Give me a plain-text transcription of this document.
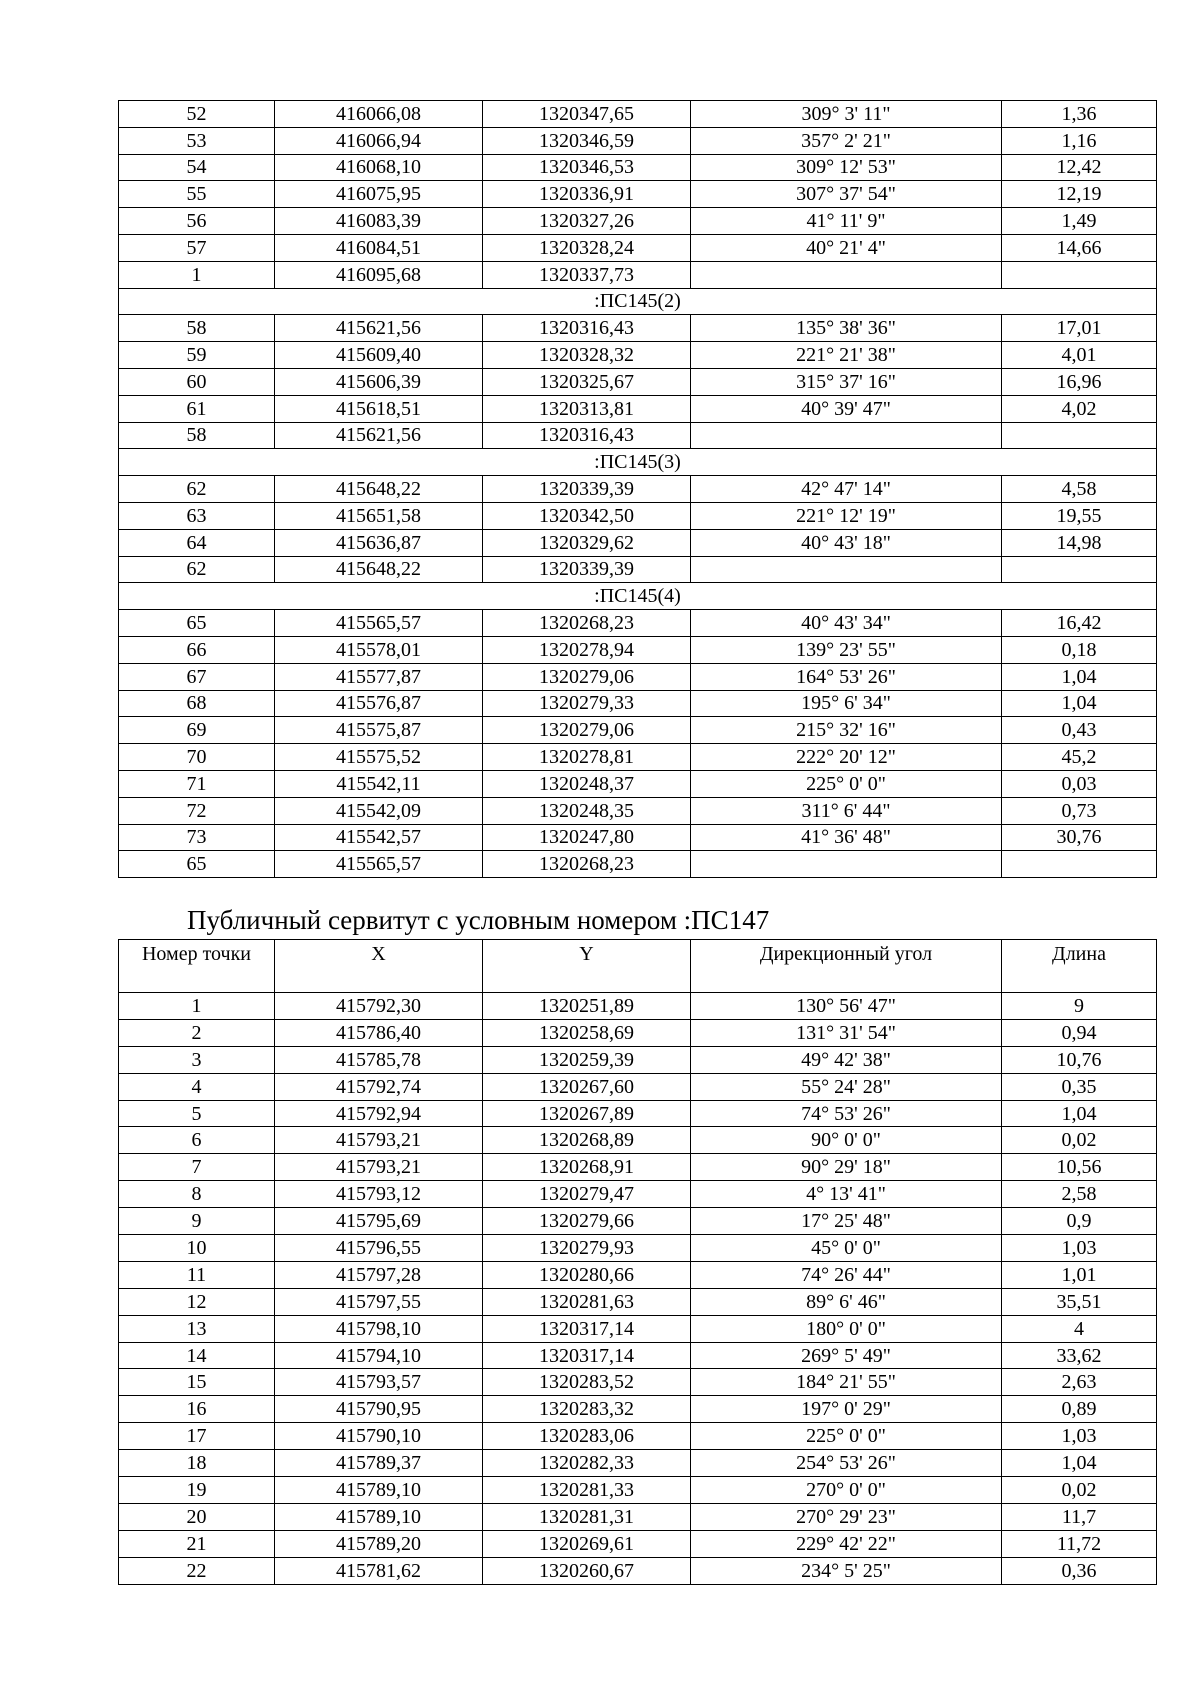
52	416066,08	1320347,65	309° 3' 11"	1,36
53	416066,94	1320346,59	357° 2' 21"	1,16
54	416068,10	1320346,53	309° 12' 53"	12,42
55	416075,95	1320336,91	307° 37' 54"	12,19
56	416083,39	1320327,26	41° 11' 9"	1,49
57	416084,51	1320328,24	40° 21' 4"	14,66
1	416095,68	1320337,73		
:ПС145(2)				
58	415621,56	1320316,43	135° 38' 36"	17,01
59	415609,40	1320328,32	221° 21' 38"	4,01
60	415606,39	1320325,67	315° 37' 16"	16,96
61	415618,51	1320313,81	40° 39' 47"	4,02
58	415621,56	1320316,43		
:ПС145(3)				
62	415648,22	1320339,39	42° 47' 14"	4,58
63	415651,58	1320342,50	221° 12' 19"	19,55
64	415636,87	1320329,62	40° 43' 18"	14,98
62	415648,22	1320339,39		
:ПС145(4)				
65	415565,57	1320268,23	40° 43' 34"	16,42
66	415578,01	1320278,94	139° 23' 55"	0,18
67	415577,87	1320279,06	164° 53' 26"	1,04
68	415576,87	1320279,33	195° 6' 34"	1,04
69	415575,87	1320279,06	215° 32' 16"	0,43
70	415575,52	1320278,81	222° 20' 12"	45,2
71	415542,11	1320248,37	225° 0' 0"	0,03
72	415542,09	1320248,35	311° 6' 44"	0,73
73	415542,57	1320247,80	41° 36' 48"	30,76
65	415565,57	1320268,23		
Публичный сервитут с условным номером :ПС147
Номер точки	X	Y	Дирекционный угол	Длина
1	415792,30	1320251,89	130° 56' 47"	9
2	415786,40	1320258,69	131° 31' 54"	0,94
3	415785,78	1320259,39	49° 42' 38"	10,76
4	415792,74	1320267,60	55° 24' 28"	0,35
5	415792,94	1320267,89	74° 53' 26"	1,04
6	415793,21	1320268,89	90° 0' 0"	0,02
7	415793,21	1320268,91	90° 29' 18"	10,56
8	415793,12	1320279,47	4° 13' 41"	2,58
9	415795,69	1320279,66	17° 25' 48"	0,9
10	415796,55	1320279,93	45° 0' 0"	1,03
11	415797,28	1320280,66	74° 26' 44"	1,01
12	415797,55	1320281,63	89° 6' 46"	35,51
13	415798,10	1320317,14	180° 0' 0"	4
14	415794,10	1320317,14	269° 5' 49"	33,62
15	415793,57	1320283,52	184° 21' 55"	2,63
16	415790,95	1320283,32	197° 0' 29"	0,89
17	415790,10	1320283,06	225° 0' 0"	1,03
18	415789,37	1320282,33	254° 53' 26"	1,04
19	415789,10	1320281,33	270° 0' 0"	0,02
20	415789,10	1320281,31	270° 29' 23"	11,7
21	415789,20	1320269,61	229° 42' 22"	11,72
22	415781,62	1320260,67	234° 5' 25"	0,36
